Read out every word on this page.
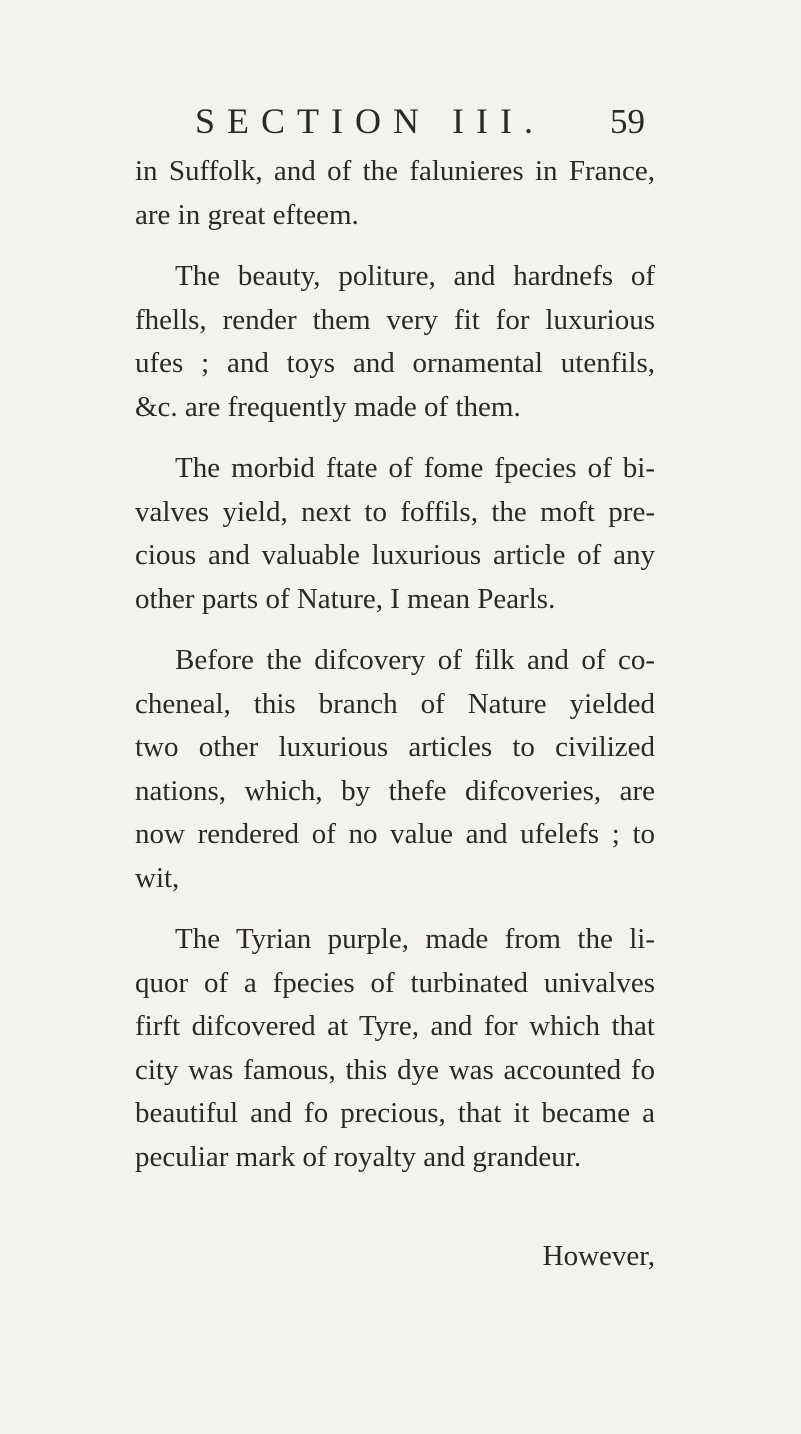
SECTION III. 59

in Suffolk, and of the falunieres in France,
are in great efteem.

The beauty, politure, and hardnefs of
fhells, render them very fit for luxurious
ufes ; and toys and ornamental utenfils,
&c. are frequently made of them.

The morbid ftate of fome fpecies of bi-
valves yield, next to foffils, the moft pre-
cious and valuable luxurious article of any
other parts of Nature, I mean Pearls.

Before the difcovery of filk and of co-
cheneal, this branch of Nature yielded
two other luxurious articles to civilized
nations, which, by thefe difcoveries, are
now rendered of no value and ufelefs ; to
wit,

The Tyrian purple, made from the li-
quor of a fpecies of turbinated univalves
firft difcovered at Tyre, and for which that
city was famous, this dye was accounted fo
beautiful and fo precious, that it became a
peculiar mark of royalty and grandeur.

However,
